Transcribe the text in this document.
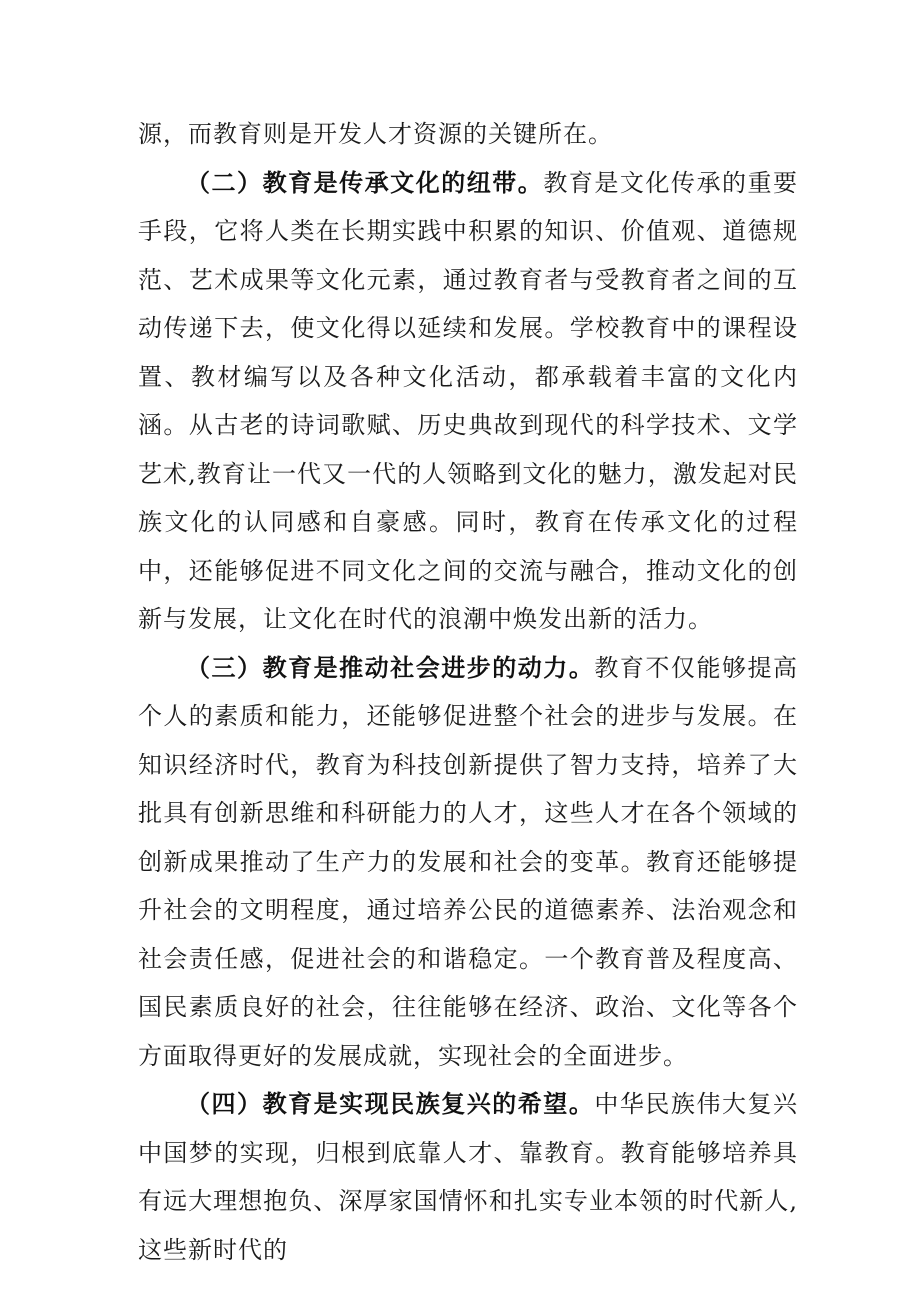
源，而教育则是开发人才资源的关键所在。

（二）教育是传承文化的纽带。教育是文化传承的重要手段，它将人类在长期实践中积累的知识、价值观、道德规范、艺术成果等文化元素，通过教育者与受教育者之间的互动传递下去，使文化得以延续和发展。学校教育中的课程设置、教材编写以及各种文化活动，都承载着丰富的文化内涵。从古老的诗词歌赋、历史典故到现代的科学技术、文学艺术,教育让一代又一代的人领略到文化的魅力，激发起对民族文化的认同感和自豪感。同时，教育在传承文化的过程中，还能够促进不同文化之间的交流与融合，推动文化的创新与发展，让文化在时代的浪潮中焕发出新的活力。

（三）教育是推动社会进步的动力。教育不仅能够提高个人的素质和能力，还能够促进整个社会的进步与发展。在知识经济时代，教育为科技创新提供了智力支持，培养了大批具有创新思维和科研能力的人才，这些人才在各个领域的创新成果推动了生产力的发展和社会的变革。教育还能够提升社会的文明程度，通过培养公民的道德素养、法治观念和社会责任感，促进社会的和谐稳定。一个教育普及程度高、国民素质良好的社会，往往能够在经济、政治、文化等各个方面取得更好的发展成就，实现社会的全面进步。

（四）教育是实现民族复兴的希望。中华民族伟大复兴中国梦的实现，归根到底靠人才、靠教育。教育能够培养具有远大理想抱负、深厚家国情怀和扎实专业本领的时代新人,这些新时代的
